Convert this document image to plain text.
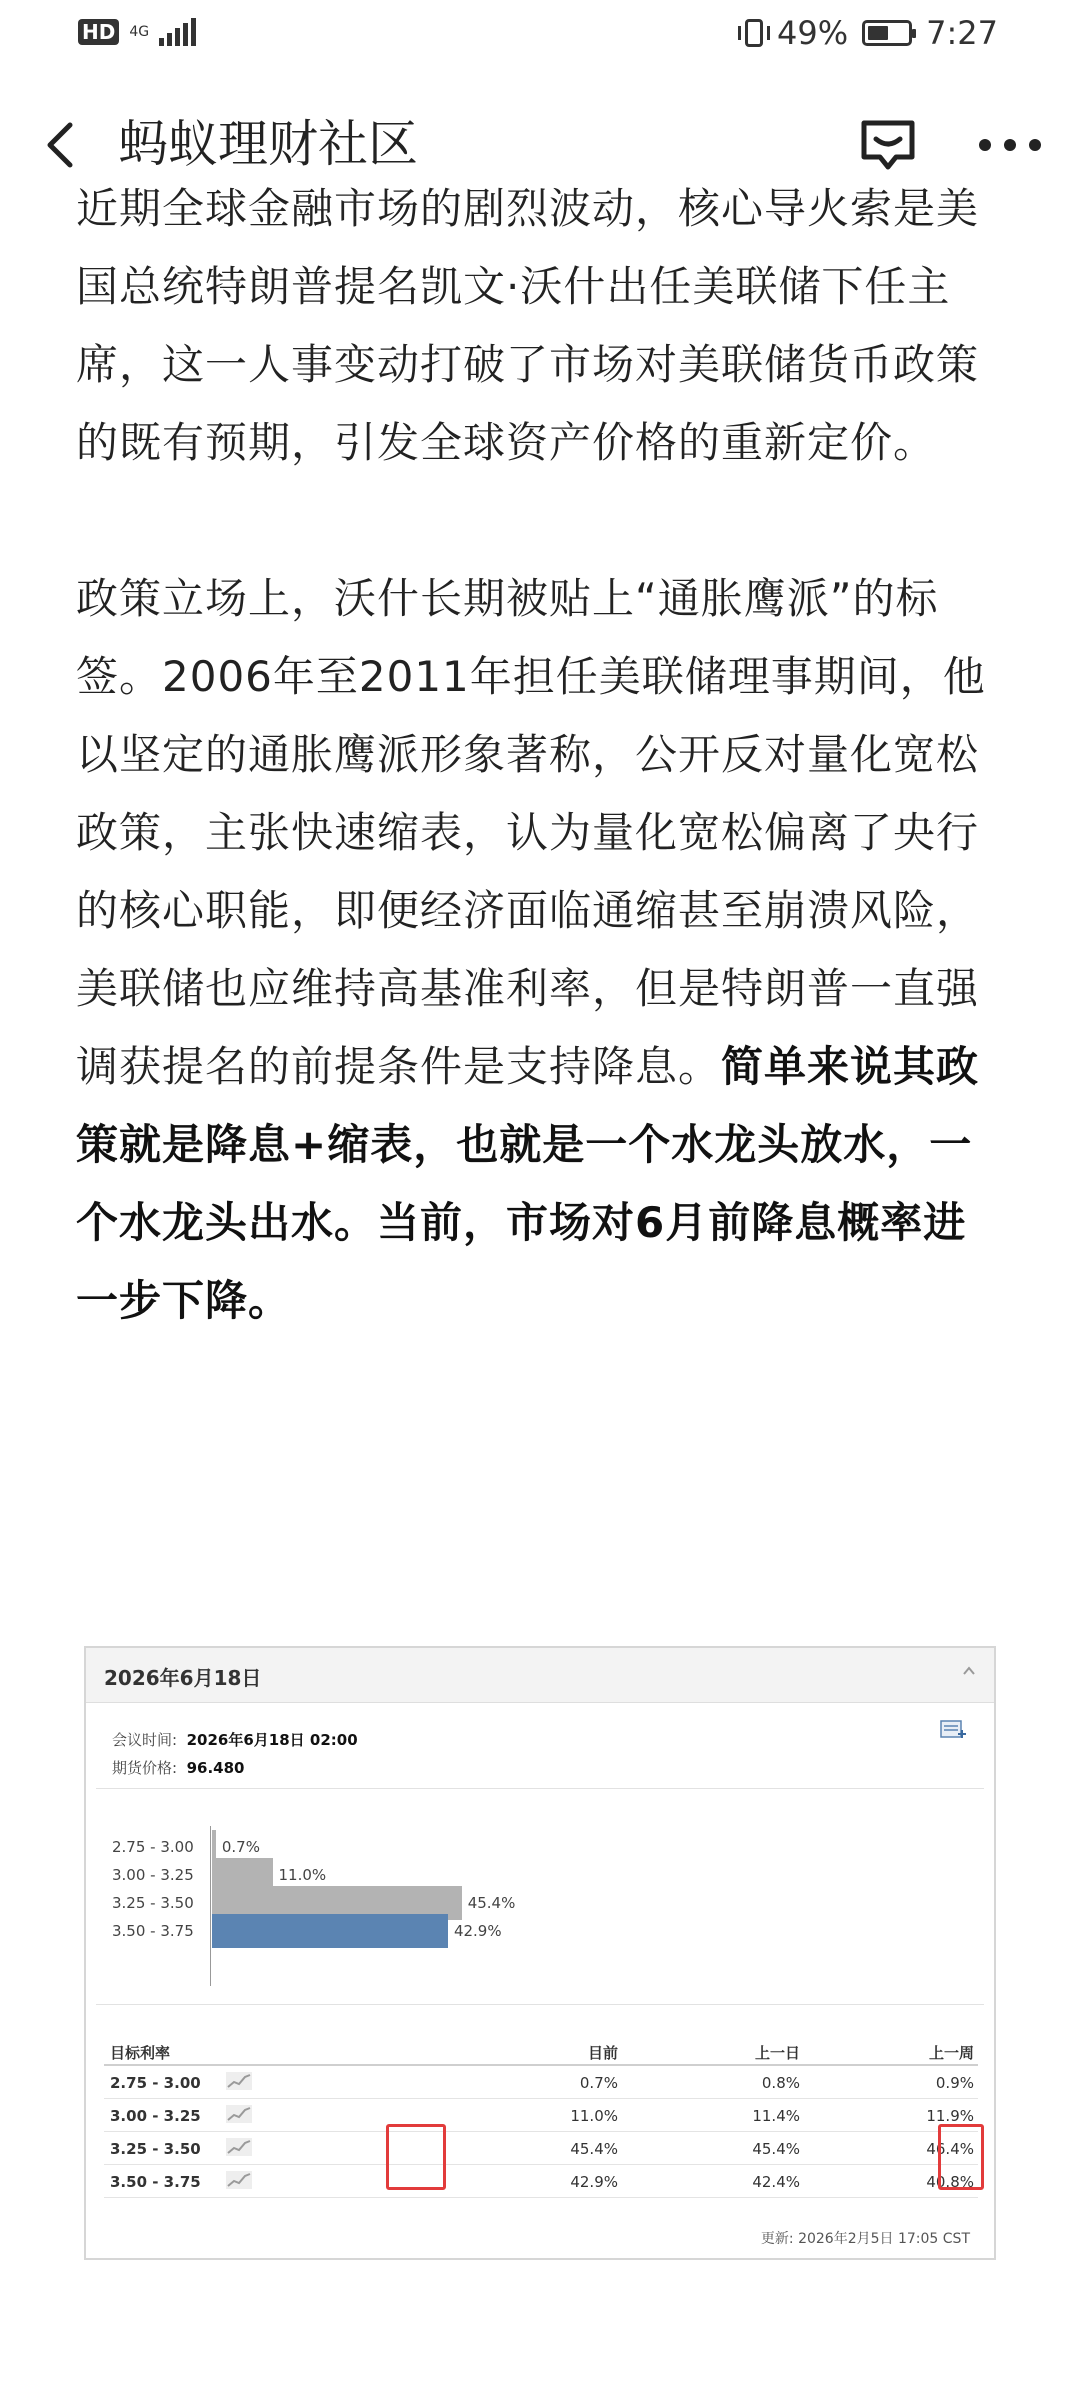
HD 4G	49% 7:27
蚂蚁理财社区

近期全球金融市场的剧烈波动，核心导火索是美国总统特朗普提名凯文·沃什出任美联储下任主席，这一人事变动打破了市场对美联储货币政策的既有预期，引发全球资产价格的重新定价。

政策立场上，沃什长期被贴上“通胀鹰派”的标签。2006年至2011年担任美联储理事期间，他以坚定的通胀鹰派形象著称，公开反对量化宽松政策，主张快速缩表，认为量化宽松偏离了央行的核心职能，即便经济面临通缩甚至崩溃风险，美联储也应维持高基准利率，但是特朗普一直强调获提名的前提条件是支持降息。简单来说其政策就是降息+缩表，也就是一个水龙头放水，一个水龙头出水。当前，市场对6月前降息概率进一步下降。

2026年6月18日
会议时间: 2026年6月18日 02:00
期货价格: 96.480
2.75 - 3.00 0.7%
3.00 - 3.25	11.0%
3.25 - 3.50	45.4%
3.50 - 3.75	42.9%
目标利率	目前	上一日	上一周
2.75 - 3.00	0.7%	0.8%	0.9%
3.00 - 3.25	11.0%	11.4%	11.9%
3.25 - 3.50	45.4%	45.4%	46.4%
3.50 - 3.75	42.9%	42.4%	40.8%
更新: 2026年2月5日 17:05 CST
